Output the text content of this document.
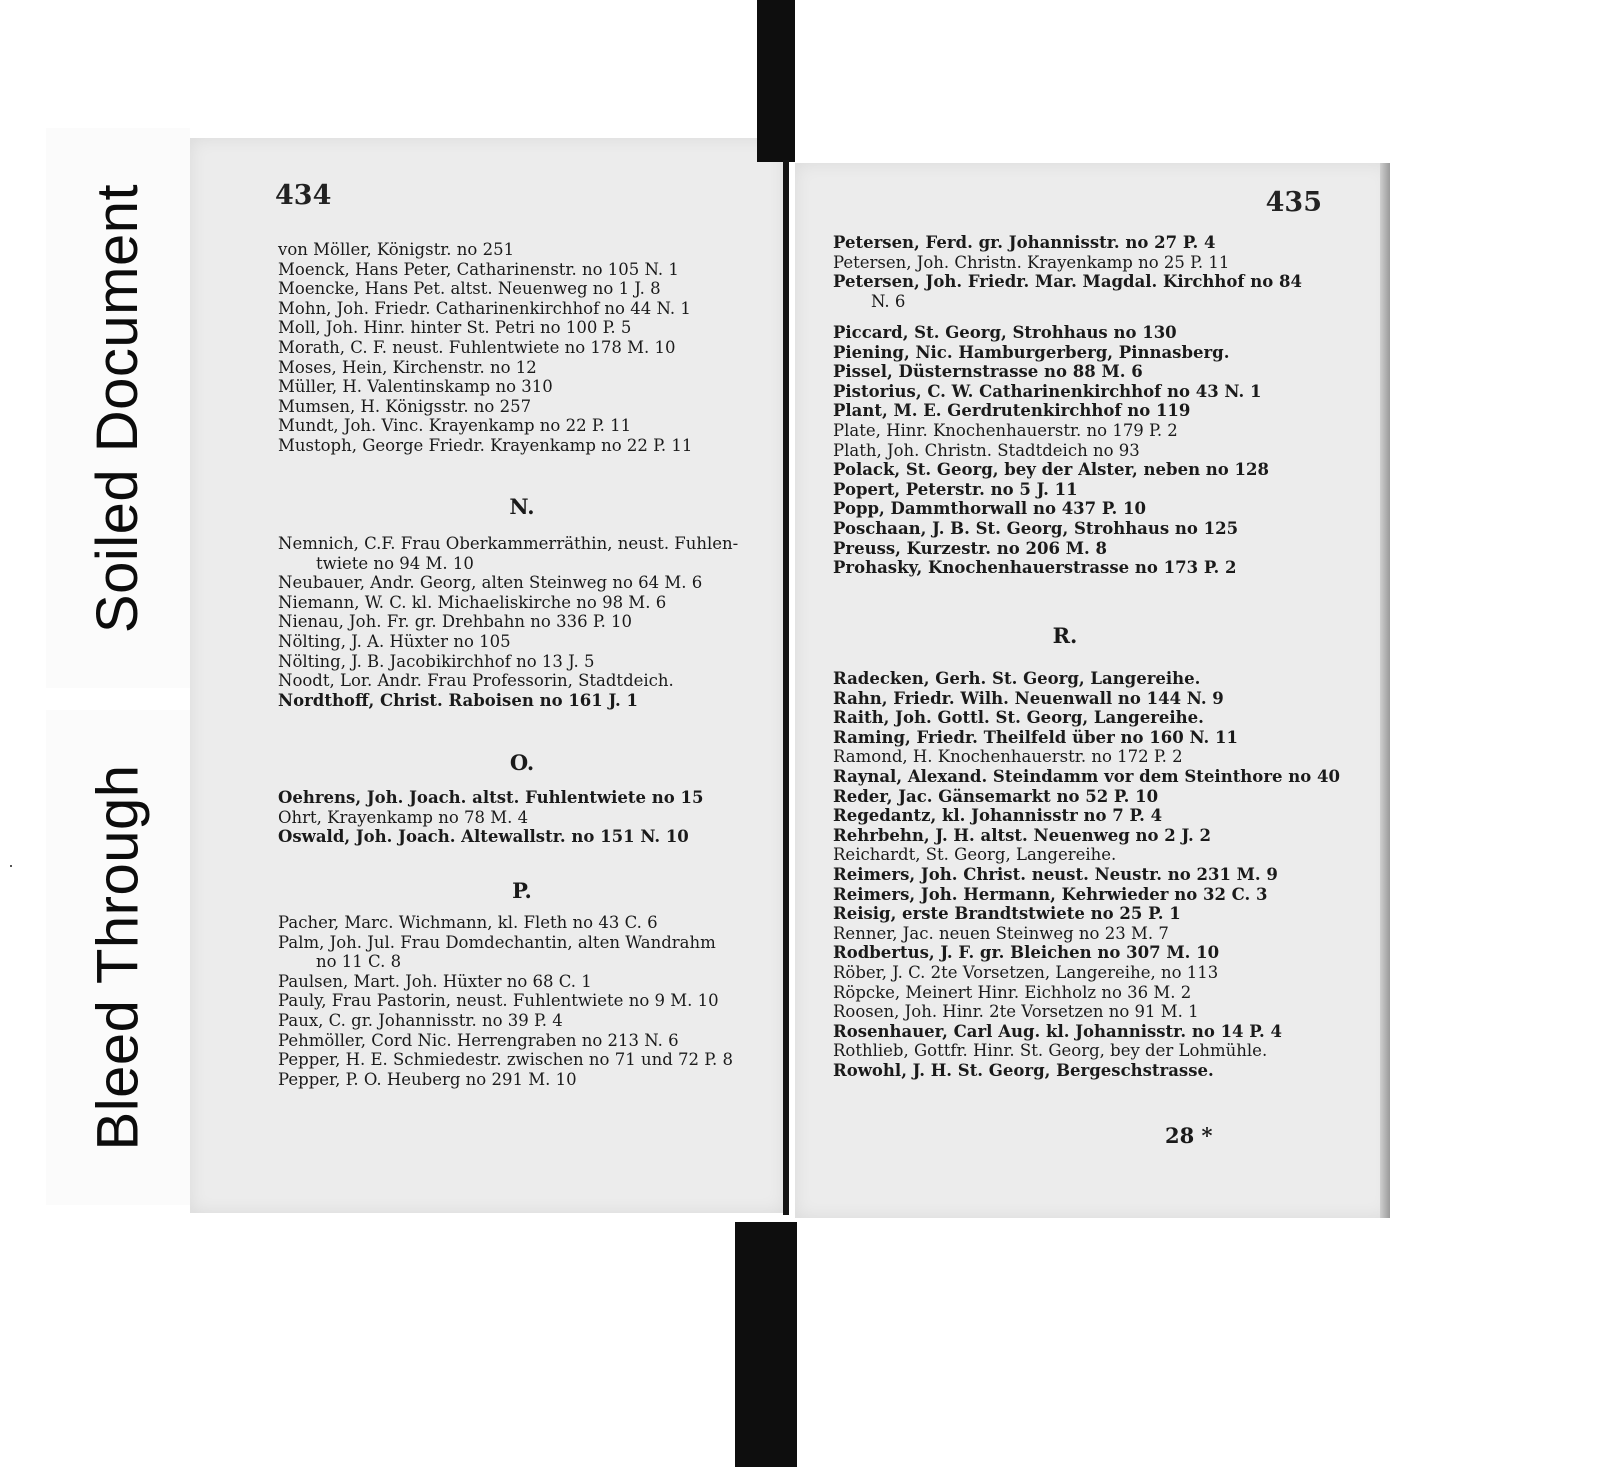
Soiled Document
Bleed Through
434
von Möller, Königstr. no 251
Moenck, Hans Peter, Catharinenstr. no 105 N. 1
Moencke, Hans Pet. altst. Neuenweg no 1 J. 8
Mohn, Joh. Friedr. Catharinenkirchhof no 44 N. 1
Moll, Joh. Hinr. hinter St. Petri no 100 P. 5
Morath, C. F. neust. Fuhlentwiete no 178 M. 10
Moses, Hein, Kirchenstr. no 12
Müller, H. Valentinskamp no 310
Mumsen, H. Königsstr. no 257
Mundt, Joh. Vinc. Krayenkamp no 22 P. 11
Mustoph, George Friedr. Krayenkamp no 22 P. 11
N.
Nemnich, C.F. Frau Oberkammerräthin, neust. Fuhlen-
twiete no 94 M. 10
Neubauer, Andr. Georg, alten Steinweg no 64 M. 6
Niemann, W. C. kl. Michaeliskirche no 98 M. 6
Nienau, Joh. Fr. gr. Drehbahn no 336 P. 10
Nölting, J. A. Hüxter no 105
Nölting, J. B. Jacobikirchhof no 13 J. 5
Noodt, Lor. Andr. Frau Professorin, Stadtdeich.
Nordthoff, Christ. Raboisen no 161 J. 1
O.
Oehrens, Joh. Joach. altst. Fuhlentwiete no 15
Ohrt, Krayenkamp no 78 M. 4
Oswald, Joh. Joach. Altewallstr. no 151 N. 10
P.
Pacher, Marc. Wichmann, kl. Fleth no 43 C. 6
Palm, Joh. Jul. Frau Domdechantin, alten Wandrahm
no 11 C. 8
Paulsen, Mart. Joh. Hüxter no 68 C. 1
Pauly, Frau Pastorin, neust. Fuhlentwiete no 9 M. 10
Paux, C. gr. Johannisstr. no 39 P. 4
Pehmöller, Cord Nic. Herrengraben no 213 N. 6
Pepper, H. E. Schmiedestr. zwischen no 71 und 72 P. 8
Pepper, P. O. Heuberg no 291 M. 10
435
Petersen, Ferd. gr. Johannisstr. no 27 P. 4
Petersen, Joh. Christn. Krayenkamp no 25 P. 11
Petersen, Joh. Friedr. Mar. Magdal. Kirchhof no 84
N. 6
Piccard, St. Georg, Strohhaus no 130
Piening, Nic. Hamburgerberg, Pinnasberg.
Pissel, Düsternstrasse no 88 M. 6
Pistorius, C. W. Catharinenkirchhof no 43 N. 1
Plant, M. E. Gerdrutenkirchhof no 119
Plate, Hinr. Knochenhauerstr. no 179 P. 2
Plath, Joh. Christn. Stadtdeich no 93
Polack, St. Georg, bey der Alster, neben no 128
Popert, Peterstr. no 5 J. 11
Popp, Dammthorwall no 437 P. 10
Poschaan, J. B. St. Georg, Strohhaus no 125
Preuss, Kurzestr. no 206 M. 8
Prohasky, Knochenhauerstrasse no 173 P. 2
R.
Radecken, Gerh. St. Georg, Langereihe.
Rahn, Friedr. Wilh. Neuenwall no 144 N. 9
Raith, Joh. Gottl. St. Georg, Langereihe.
Raming, Friedr. Theilfeld über no 160 N. 11
Ramond, H. Knochenhauerstr. no 172 P. 2
Raynal, Alexand. Steindamm vor dem Steinthore no 40
Reder, Jac. Gänsemarkt no 52 P. 10
Regedantz, kl. Johannisstr no 7 P. 4
Rehrbehn, J. H. altst. Neuenweg no 2 J. 2
Reichardt, St. Georg, Langereihe.
Reimers, Joh. Christ. neust. Neustr. no 231 M. 9
Reimers, Joh. Hermann, Kehrwieder no 32 C. 3
Reisig, erste Brandtstwiete no 25 P. 1
Renner, Jac. neuen Steinweg no 23 M. 7
Rodbertus, J. F. gr. Bleichen no 307 M. 10
Röber, J. C. 2te Vorsetzen, Langereihe, no 113
Röpcke, Meinert Hinr. Eichholz no 36 M. 2
Roosen, Joh. Hinr. 2te Vorsetzen no 91 M. 1
Rosenhauer, Carl Aug. kl. Johannisstr. no 14 P. 4
Rothlieb, Gottfr. Hinr. St. Georg, bey der Lohmühle.
Rowohl, J. H. St. Georg, Bergeschstrasse.
28 *
